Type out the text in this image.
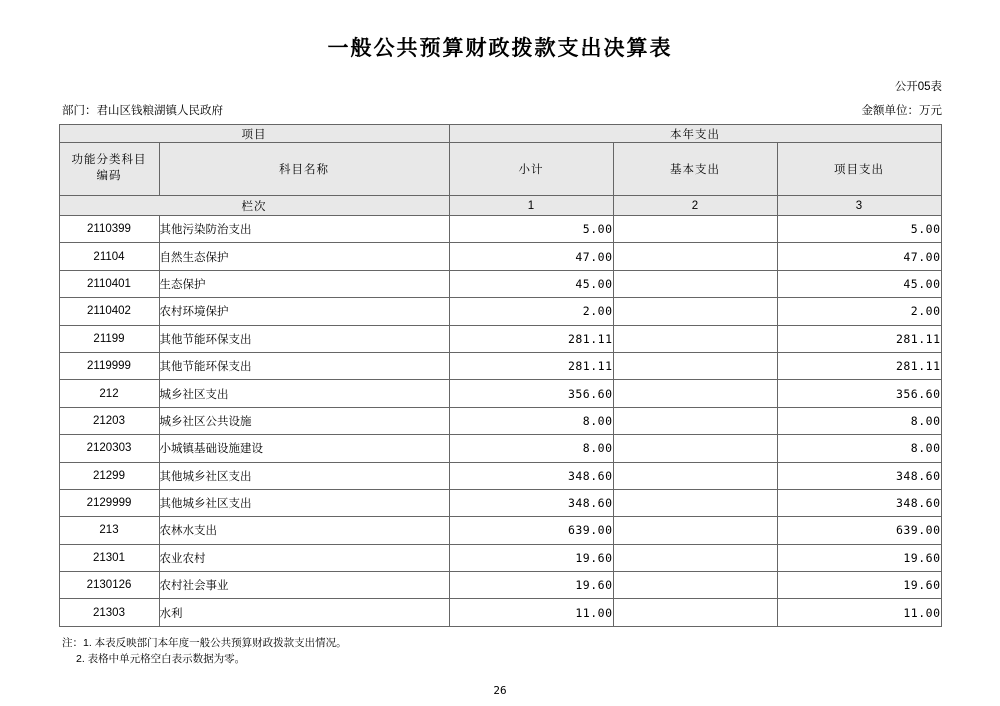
一般公共预算财政拨款支出决算表
公开05表
部门：君山区钱粮湖镇人民政府	金额单位：万元
项目		本年支出		

功能分类科目
编码	科目名称	小计	基本支出	项目支出
栏次		1	2	3
2110399	其他污染防治支出	5.00		5.00
21104	自然生态保护	47.00		47.00
2110401	生态保护	45.00		45.00
2110402	农村环境保护	2.00		2.00
21199	其他节能环保支出	281.11		281.11
2119999	其他节能环保支出	281.11		281.11
212	城乡社区支出	356.60		356.60
21203	城乡社区公共设施	8.00		8.00
2120303	小城镇基础设施建设	8.00		8.00
21299	其他城乡社区支出	348.60		348.60
2129999	其他城乡社区支出	348.60		348.60
213	农林水支出	639.00		639.00
21301	农业农村	19.60		19.60
2130126	农村社会事业	19.60		19.60
21303	水利	11.00		11.00
注：1. 本表反映部门本年度一般公共预算财政拨款支出情况。
2. 表格中单元格空白表示数据为零。
26
